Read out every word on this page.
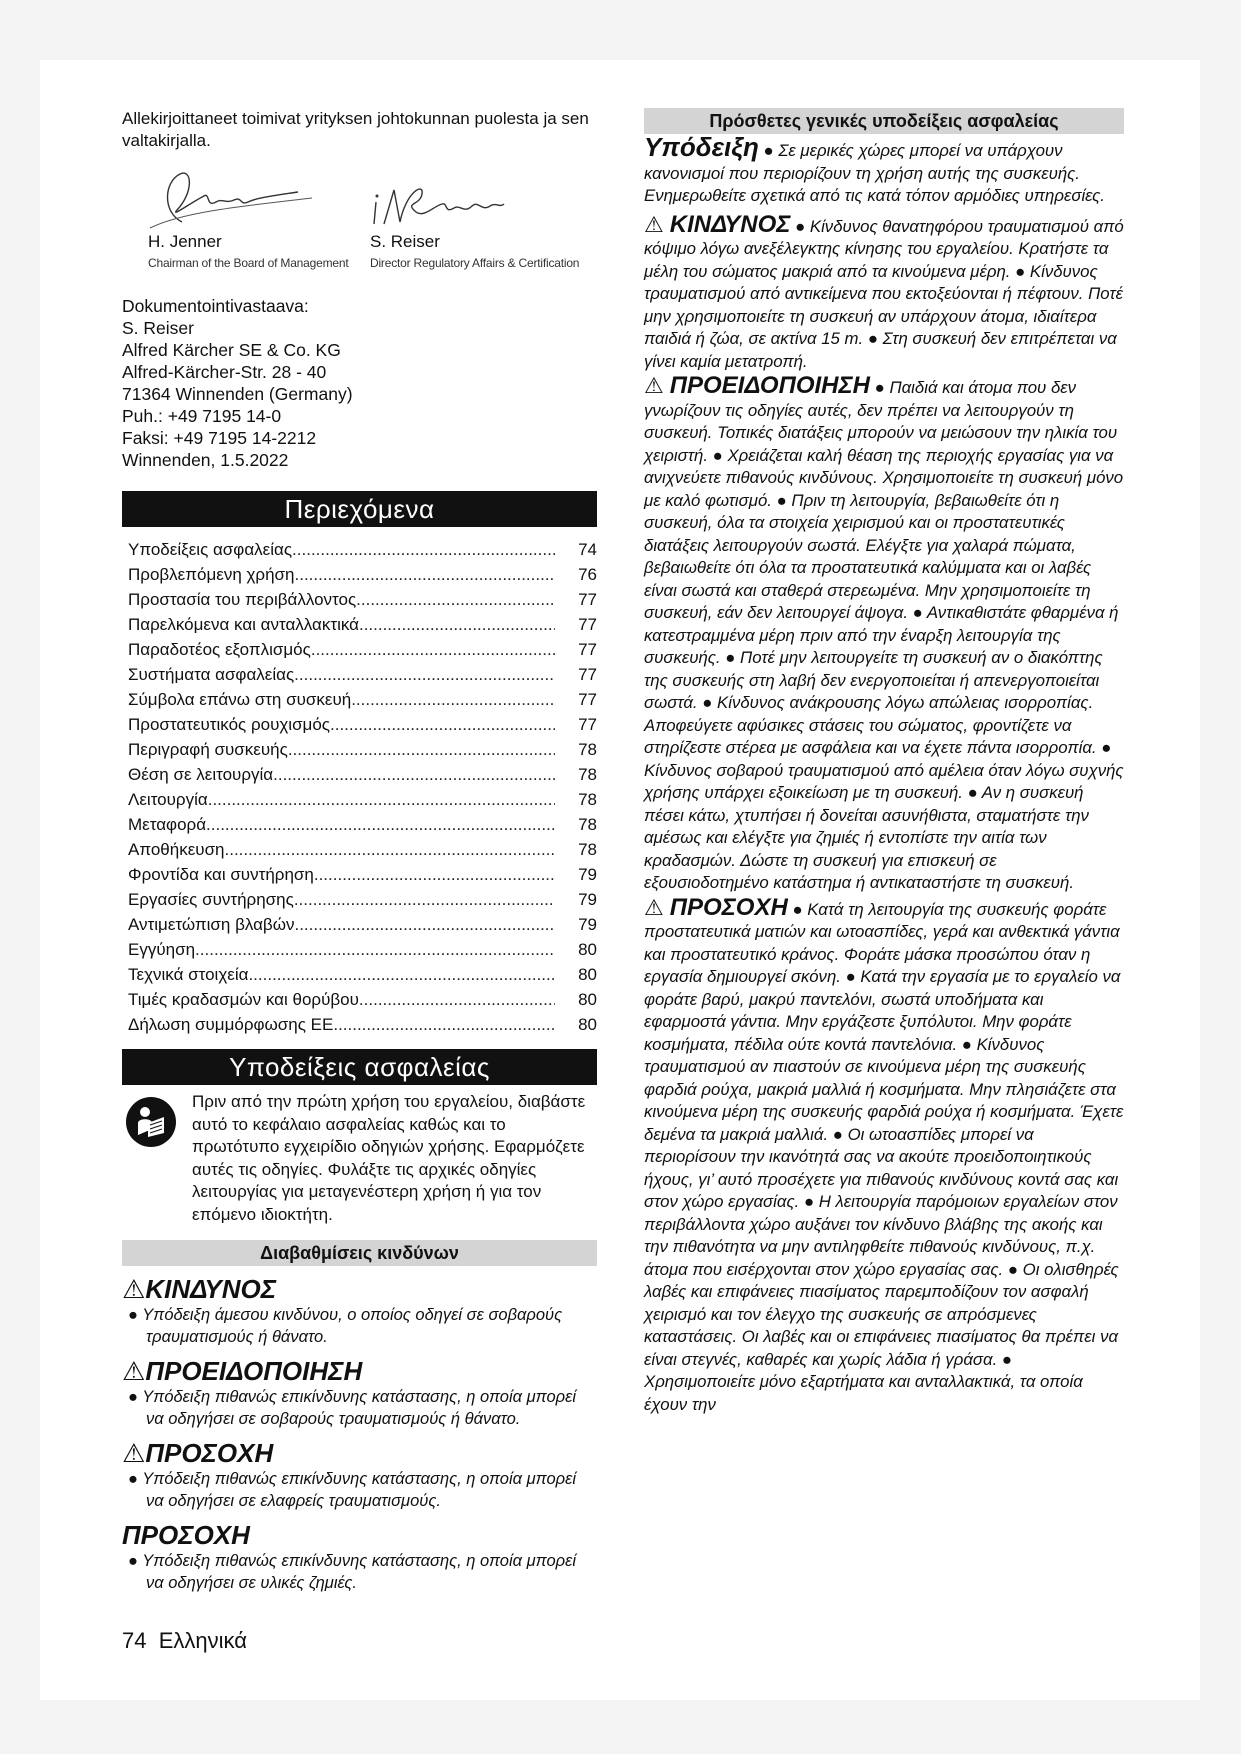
Allekirjoittaneet toimivat yrityksen johtokunnan puolesta ja sen valtakirjalla.

H. Jenner
Chairman of the Board of Management
S. Reiser
Director Regulatory Affairs & Certification
Dokumentointivastaava:
S. Reiser
Alfred Kärcher SE & Co. KG
Alfred-Kärcher-Str. 28 - 40
71364 Winnenden (Germany)
Puh.: +49 7195 14-0
Faksi: +49 7195 14-2212
Winnenden, 1.5.2022
Περιεχόμενα
Υποδείξεις ασφαλείας .....	74
Προβλεπόμενη χρήση .....	76
Προστασία του περιβάλλοντος .....	77
Παρελκόμενα και ανταλλακτικά .....	77
Παραδοτέος εξοπλισμός .....	77
Συστήματα ασφαλείας .....	77
Σύμβολα επάνω στη συσκευή .....	77
Προστατευτικός ρουχισμός .....	77
Περιγραφή συσκευής .....	78
Θέση σε λειτουργία .....	78
Λειτουργία .....	78
Μεταφορά .....	78
Αποθήκευση .....	78
Φροντίδα και συντήρηση .....	79
Εργασίες συντήρησης .....	79
Αντιμετώπιση βλαβών .....	79
Εγγύηση .....	80
Τεχνικά στοιχεία .....	80
Τιμές κραδασμών και θορύβου .....	80
Δήλωση συμμόρφωσης ΕΕ .....	80
Υποδείξεις ασφαλείας

Πριν από την πρώτη χρήση του εργαλείου, διαβάστε αυτό το κεφάλαιο ασφαλείας καθώς και το πρωτότυπο εγχειρίδιο οδηγιών χρήσης. Εφαρμόζετε αυτές τις οδηγίες. Φυλάξτε τις αρχικές οδηγίες λειτουργίας για μεταγενέστερη χρήση ή για τον επόμενο ιδιοκτήτη.

Διαβαθμίσεις κινδύνων
⚠ΚΙΝΔΥΝΟΣ
● Υπόδειξη άμεσου κινδύνου, ο οποίος οδηγεί σε σοβαρούς τραυματισμούς ή θάνατο.
⚠ΠΡΟΕΙΔΟΠΟΙΗΣΗ
● Υπόδειξη πιθανώς επικίνδυνης κατάστασης, η οποία μπορεί να οδηγήσει σε σοβαρούς τραυματισμούς ή θάνατο.
⚠ΠΡΟΣΟΧΗ
● Υπόδειξη πιθανώς επικίνδυνης κατάστασης, η οποία μπορεί να οδηγήσει σε ελαφρείς τραυματισμούς.
ΠΡΟΣΟΧΗ
● Υπόδειξη πιθανώς επικίνδυνης κατάστασης, η οποία μπορεί να οδηγήσει σε υλικές ζημιές.
Πρόσθετες γενικές υποδείξεις ασφαλείας

Υπόδειξη ● Σε μερικές χώρες μπορεί να υπάρχουν κανονισμοί που περιορίζουν τη χρήση αυτής της συσκευής. Ενημερωθείτε σχετικά από τις κατά τόπον αρμόδιες υπηρεσίες.

⚠ ΚΙΝΔΥΝΟΣ ● Κίνδυνος θανατηφόρου τραυματισμού από κόψιμο λόγω ανεξέλεγκτης κίνησης του εργαλείου. Κρατήστε τα μέλη του σώματος μακριά από τα κινούμενα μέρη. ● Κίνδυνος τραυματισμού από αντικείμενα που εκτοξεύονται ή πέφτουν. Ποτέ μην χρησιμοποιείτε τη συσκευή αν υπάρχουν άτομα, ιδιαίτερα παιδιά ή ζώα, σε ακτίνα 15 m. ● Στη συσκευή δεν επιτρέπεται να γίνει καμία μετατροπή.

⚠ ΠΡΟΕΙΔΟΠΟΙΗΣΗ ● Παιδιά και άτομα που δεν γνωρίζουν τις οδηγίες αυτές, δεν πρέπει να λειτουργούν τη συσκευή. Τοπικές διατάξεις μπορούν να μειώσουν την ηλικία του χειριστή. ● Χρειάζεται καλή θέαση της περιοχής εργασίας για να ανιχνεύετε πιθανούς κινδύνους. Χρησιμοποιείτε τη συσκευή μόνο με καλό φωτισμό. ● Πριν τη λειτουργία, βεβαιωθείτε ότι η συσκευή, όλα τα στοιχεία χειρισμού και οι προστατευτικές διατάξεις λειτουργούν σωστά. Ελέγξτε για χαλαρά πώματα, βεβαιωθείτε ότι όλα τα προστατευτικά καλύμματα και οι λαβές είναι σωστά και σταθερά στερεωμένα. Μην χρησιμοποιείτε τη συσκευή, εάν δεν λειτουργεί άψογα. ● Αντικαθιστάτε φθαρμένα ή κατεστραμμένα μέρη πριν από την έναρξη λειτουργία της συσκευής. ● Ποτέ μην λειτουργείτε τη συσκευή αν ο διακόπτης της συσκευής στη λαβή δεν ενεργοποιείται ή απενεργοποιείται σωστά. ● Κίνδυνος ανάκρουσης λόγω απώλειας ισορροπίας. Αποφεύγετε αφύσικες στάσεις του σώματος, φροντίζετε να στηρίζεστε στέρεα με ασφάλεια και να έχετε πάντα ισορροπία. ● Κίνδυνος σοβαρού τραυματισμού από αμέλεια όταν λόγω συχνής χρήσης υπάρχει εξοικείωση με τη συσκευή. ● Αν η συσκευή πέσει κάτω, χτυπήσει ή δονείται ασυνήθιστα, σταματήστε την αμέσως και ελέγξτε για ζημιές ή εντοπίστε την αιτία των κραδασμών. Δώστε τη συσκευή για επισκευή σε εξουσιοδοτημένο κατάστημα ή αντικαταστήστε τη συσκευή.

⚠ ΠΡΟΣΟΧΗ ● Κατά τη λειτουργία της συσκευής φοράτε προστατευτικά ματιών και ωτοασπίδες, γερά και ανθεκτικά γάντια και προστατευτικό κράνος. Φοράτε μάσκα προσώπου όταν η εργασία δημιουργεί σκόνη. ● Κατά την εργασία με το εργαλείο να φοράτε βαρύ, μακρύ παντελόνι, σωστά υποδήματα και εφαρμοστά γάντια. Μην εργάζεστε ξυπόλυτοι. Μην φοράτε κοσμήματα, πέδιλα ούτε κοντά παντελόνια. ● Κίνδυνος τραυματισμού αν πιαστούν σε κινούμενα μέρη της συσκευής φαρδιά ρούχα, μακριά μαλλιά ή κοσμήματα. Μην πλησιάζετε στα κινούμενα μέρη της συσκευής φαρδιά ρούχα ή κοσμήματα. Έχετε δεμένα τα μακριά μαλλιά. ● Οι ωτοασπίδες μπορεί να περιορίσουν την ικανότητά σας να ακούτε προειδοποιητικούς ήχους, γι’ αυτό προσέχετε για πιθανούς κινδύνους κοντά σας και στον χώρο εργασίας. ● Η λειτουργία παρόμοιων εργαλείων στον περιβάλλοντα χώρο αυξάνει τον κίνδυνο βλάβης της ακοής και την πιθανότητα να μην αντιληφθείτε πιθανούς κινδύνους, π.χ. άτομα που εισέρχονται στον χώρο εργασίας σας. ● Οι ολισθηρές λαβές και επιφάνειες πιασίματος παρεμποδίζουν τον ασφαλή χειρισμό και τον έλεγχο της συσκευής σε απρόσμενες καταστάσεις. Οι λαβές και οι επιφάνειες πιασίματος θα πρέπει να είναι στεγνές, καθαρές και χωρίς λάδια ή γράσα. ● Χρησιμοποιείτε μόνο εξαρτήματα και ανταλλακτικά, τα οποία έχουν την

74 Ελληνικά
